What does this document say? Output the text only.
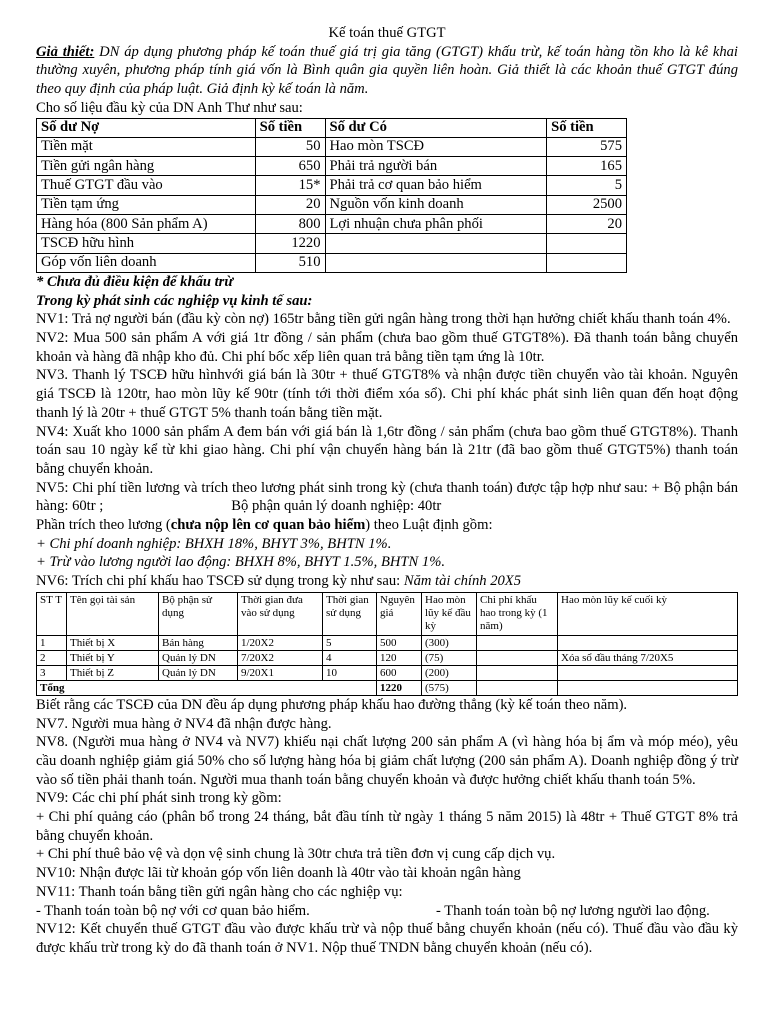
Kế toán thuế GTGT

Giả thiết: DN áp dụng phương pháp kế toán thuế giá trị gia tăng (GTGT) khấu trừ, kế toán hàng tồn kho là kê khai thường xuyên, phương pháp tính giá vốn là Bình quân gia quyền liên hoàn. Giả thiết là các khoản thuế GTGT đúng theo quy định của pháp luật. Giả định kỳ kế toán là năm.

Cho số liệu đầu kỳ của DN Anh Thư như sau:

Số dư Nợ	Số tiền	Số dư Có	Số tiền
Tiền mặt	50	Hao mòn TSCĐ	575
Tiền gửi ngân hàng	650	Phải trả người bán	165
Thuế GTGT đầu vào	15*	Phải trả cơ quan bảo hiểm	5
Tiền tạm ứng	20	Nguồn vốn kinh doanh	2500
Hàng hóa (800 Sản phẩm A)	800	Lợi nhuận chưa phân phối	20
TSCĐ hữu hình	1220		
Góp vốn liên doanh	510		

* Chưa đủ điều kiện để khấu trừ

Trong kỳ phát sinh các nghiệp vụ kinh tế sau:

NV1: Trả nợ người bán (đầu kỳ còn nợ) 165tr bằng tiền gửi ngân hàng trong thời hạn hưởng chiết khấu thanh toán 4%.

NV2: Mua 500 sản phẩm A với giá 1tr đồng / sản phẩm (chưa bao gồm thuế GTGT8%). Đã thanh toán bằng chuyển khoản và hàng đã nhập kho đủ. Chi phí bốc xếp liên quan trả bằng tiền tạm ứng là 10tr.

NV3. Thanh lý TSCĐ hữu hìnhvới giá bán là 30tr + thuế GTGT8% và nhận được tiền chuyển vào tài khoản. Nguyên giá TSCĐ là 120tr, hao mòn lũy kế 90tr (tính tới thời điểm xóa sổ). Chi phí khác phát sinh liên quan đến hoạt động thanh lý là 20tr + thuế GTGT 5% thanh toán bằng tiền mặt.

NV4: Xuất kho 1000 sản phẩm A đem bán với giá bán là 1,6tr đồng / sản phẩm (chưa bao gồm thuế GTGT8%). Thanh toán sau 10 ngày kể từ khi giao hàng. Chi phí vận chuyển hàng bán là 21tr (đã bao gồm thuế GTGT5%) thanh toán bằng chuyển khoản.

NV5: Chi phí tiền lương và trích theo lương phát sinh trong kỳ (chưa thanh toán) được tập hợp như sau: + Bộ phận bán hàng: 60tr ;	Bộ phận quản lý doanh nghiệp: 40tr

Phần trích theo lương (chưa nộp lên cơ quan bảo hiểm) theo Luật định gồm:

+ Chi phí doanh nghiệp: BHXH 18%, BHYT 3%, BHTN 1%.

+ Trừ vào lương người lao động: BHXH 8%, BHYT 1.5%, BHTN 1%.

NV6: Trích chi phí khấu hao TSCĐ sử dụng trong kỳ như sau: Năm tài chính 20X5

ST T	Tên gọi tài sản	Bộ phận sử dụng	Thời gian đưa vào sử dụng	Thời gian sử dụng	Nguyên giá	Hao mòn lũy kế đầu kỳ	Chi phí khấu hao trong kỳ (1 năm)	Hao mòn lũy kế cuối kỳ
1	Thiết bị X	Bán hàng	1/20X2	5	500	(300)		
2	Thiết bị Y	Quản lý DN	7/20X2	4	120	(75)		Xóa sổ đầu tháng 7/20X5
3	Thiết bị Z	Quản lý DN	9/20X1	10	600	(200)		
Tổng					1220	(575)		

Biết rằng các TSCĐ của DN đều áp dụng phương pháp khấu hao đường thẳng (kỳ kế toán theo năm).

NV7. Người mua hàng ở NV4 đã nhận được hàng.

NV8. (Người mua hàng ở NV4 và NV7) khiếu nại chất lượng 200 sản phẩm A (vì hàng hóa bị ẩm và móp méo), yêu cầu doanh nghiệp giảm giá 50% cho số lượng hàng hóa bị giảm chất lượng (200 sản phẩm A). Doanh nghiệp đồng ý trừ vào số tiền phải thanh toán. Người mua thanh toán bằng chuyển khoản và được hưởng chiết khấu thanh toán 5%.

NV9: Các chi phí phát sinh trong kỳ gồm:

+ Chi phí quảng cáo (phân bổ trong 24 tháng, bắt đầu tính từ ngày 1 tháng 5 năm 2015) là 48tr + Thuế GTGT 8% trả bằng chuyển khoản.

+ Chi phí thuê bảo vệ và dọn vệ sinh chung là 30tr chưa trả tiền đơn vị cung cấp dịch vụ.

NV10: Nhận được lãi từ khoản góp vốn liên doanh là 40tr vào tài khoản ngân hàng

NV11: Thanh toán bằng tiền gửi ngân hàng cho các nghiệp vụ:

- Thanh toán toàn bộ nợ với cơ quan bảo hiểm.	- Thanh toán toàn bộ nợ lương người lao động.

NV12: Kết chuyển thuế GTGT đầu vào được khấu trừ và nộp thuế bằng chuyển khoản (nếu có). Thuế đầu vào đầu kỳ được khấu trừ trong kỳ do đã thanh toán ở NV1. Nộp thuế TNDN bằng chuyển khoản (nếu có).
